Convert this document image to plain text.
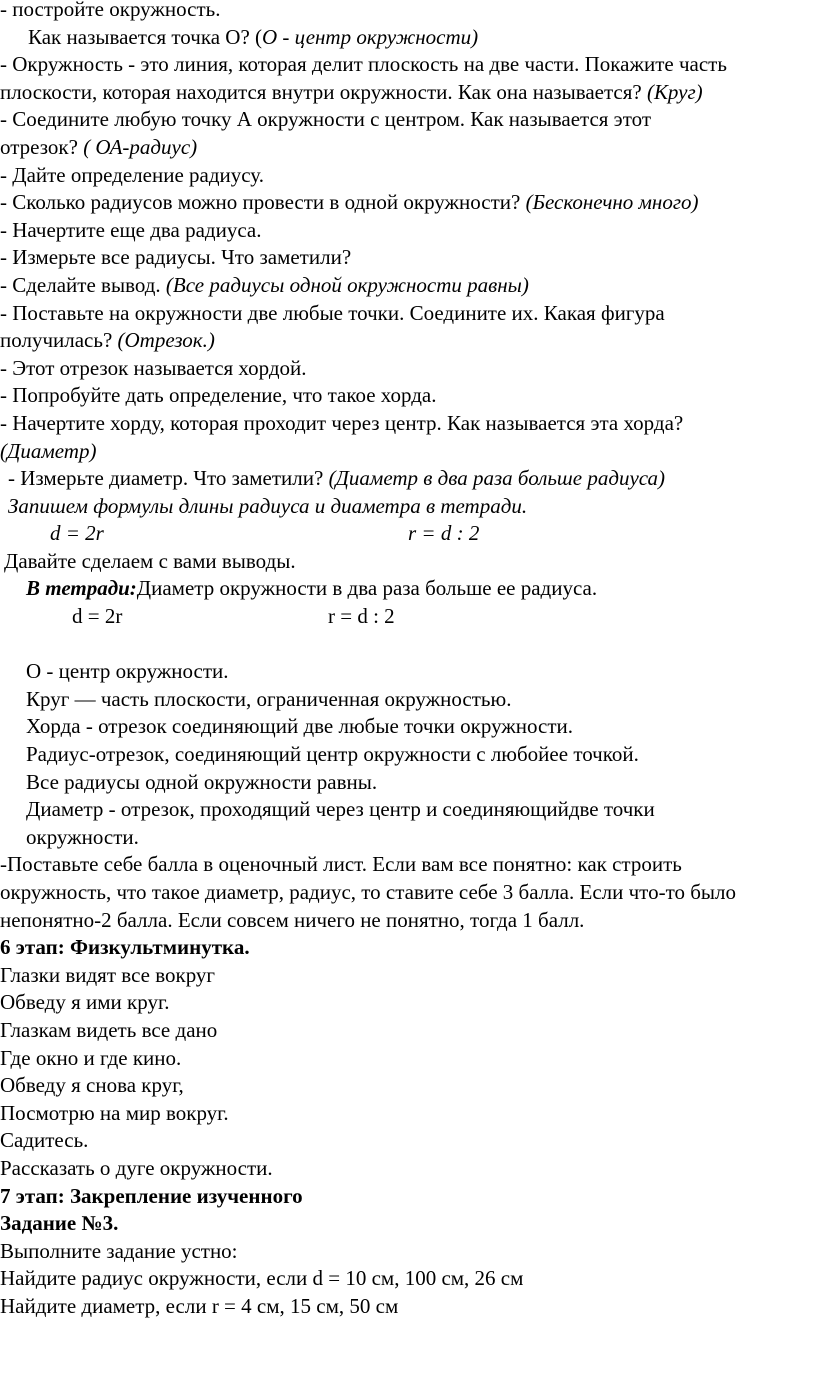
- постройте окружность.
Как называется точка О? (О - центр окружности)
- Окружность - это линия, которая делит плоскость на две части. Покажите часть
плоскости, которая находится внутри окружности. Как она называется? (Круг)
- Соедините любую точку А окружности с центром. Как называется этот
отрезок? ( ОА-радиус)
- Дайте определение радиусу.
- Сколько радиусов можно провести в одной окружности? (Бесконечно много)
- Начертите еще два радиуса.
- Измерьте все радиусы. Что заметили?
- Сделайте вывод. (Все радиусы одной окружности равны)
- Поставьте на окружности две любые точки. Соедините их. Какая фигура
получилась? (Отрезок.)
- Этот отрезок называется хордой.
- Попробуйте дать определение, что такое хорда.
- Начертите хорду, которая проходит через центр. Как называется эта хорда?
(Диаметр)
- Измерьте диаметр. Что заметили? (Диаметр в два раза больше радиуса)
Запишем формулы длины радиуса и диаметра в тетради.
d = 2r	r = d : 2
Давайте сделаем с вами выводы.
В тетради:Диаметр окружности в два раза больше ее радиуса.
d = 2r	r = d : 2
О - центр окружности.
Круг — часть плоскости, ограниченная окружностью.
Хорда - отрезок соединяющий две любые точки окружности.
Радиус-отрезок, соединяющий центр окружности с любойее точкой.
Все радиусы одной окружности равны.
Диаметр - отрезок, проходящий через центр и соединяющийдве точки
окружности.
-Поставьте себе балла в оценочный лист. Если вам все понятно: как строить
окружность, что такое диаметр, радиус, то ставите себе 3 балла. Если что-то было
непонятно-2 балла. Если совсем ничего не понятно, тогда 1 балл.
6 этап: Физкультминутка.
Глазки видят все вокруг
Обведу я ими круг.
Глазкам видеть все дано
Где окно и где кино.
Обведу я снова круг,
Посмотрю на мир вокруг.
Садитесь.
Рассказать о дуге окружности.
7 этап: Закрепление изученного
Задание №3.
Выполните задание устно:
Найдите радиус окружности, если d = 10 см, 100 см, 26 см
Найдите диаметр, если r = 4 см, 15 см, 50 см
